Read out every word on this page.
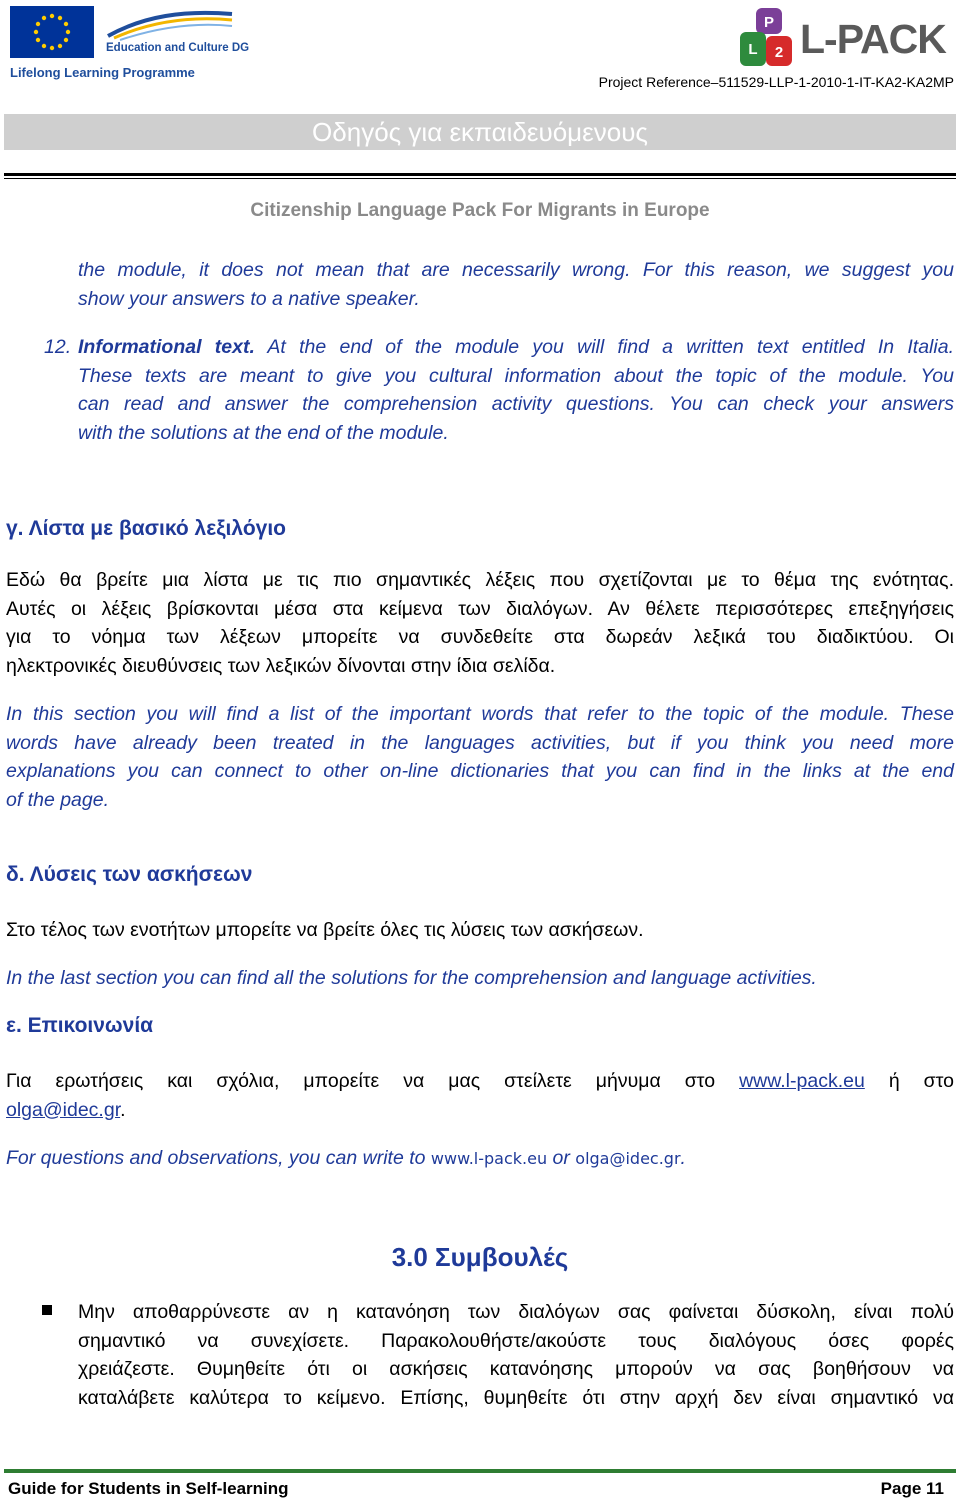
Education and Culture DG
Lifelong Learning Programme
P
L 2 L-PACK
Project Reference–511529-LLP-1-2010-1-IT-KA2-KA2MP
Οδηγός για εκπαιδευόμενους
Citizenship Language Pack For Migrants in Europe
the module, it does not mean that are necessarily wrong. For this reason, we suggest you
show your answers to a native speaker.
12. Informational text. At the end of the module you will find a written text entitled In Italia.
These texts are meant to give you cultural information about the topic of the module. You
can read and answer the comprehension activity questions. You can check your answers
with the solutions at the end of the module.
γ. Λίστα με βασικό λεξιλόγιο
Εδώ θα βρείτε μια λίστα με τις πιο σημαντικές λέξεις που σχετίζονται με το θέμα της ενότητας.
Αυτές οι λέξεις βρίσκονται μέσα στα κείμενα των διαλόγων. Αν θέλετε περισσότερες επεξηγήσεις
για το νόημα των λέξεων μπορείτε να συνδεθείτε στα δωρεάν λεξικά του διαδικτύου. Οι
ηλεκτρονικές διευθύνσεις των λεξικών δίνονται στην ίδια σελίδα.
In this section you will find a list of the important words that refer to the topic of the module. These
words have already been treated in the languages activities, but if you think you need more
explanations you can connect to other on-line dictionaries that you can find in the links at the end
of the page.
δ. Λύσεις των ασκήσεων
Στο τέλος των ενοτήτων μπορείτε να βρείτε όλες τις λύσεις των ασκήσεων.
In the last section you can find all the solutions for the comprehension and language activities.
ε. Επικοινωνία
Για ερωτήσεις και σχόλια, μπορείτε να μας στείλετε μήνυμα στο www.l-pack.eu ή στο
olga@idec.gr.
For questions and observations, you can write to www.l-pack.eu or olga@idec.gr.
3.0 Συμβουλές
Μην αποθαρρύνεστε αν η κατανόηση των διαλόγων σας φαίνεται δύσκολη, είναι πολύ
σημαντικό να συνεχίσετε. Παρακολουθήστε/ακούστε τους διαλόγους όσες φορές
χρειάζεστε. Θυμηθείτε ότι οι ασκήσεις κατανόησης μπορούν να σας βοηθήσουν να
καταλάβετε καλύτερα το κείμενο. Επίσης, θυμηθείτε ότι στην αρχή δεν είναι σημαντικό να
Guide for Students in Self-learning	Page 11
